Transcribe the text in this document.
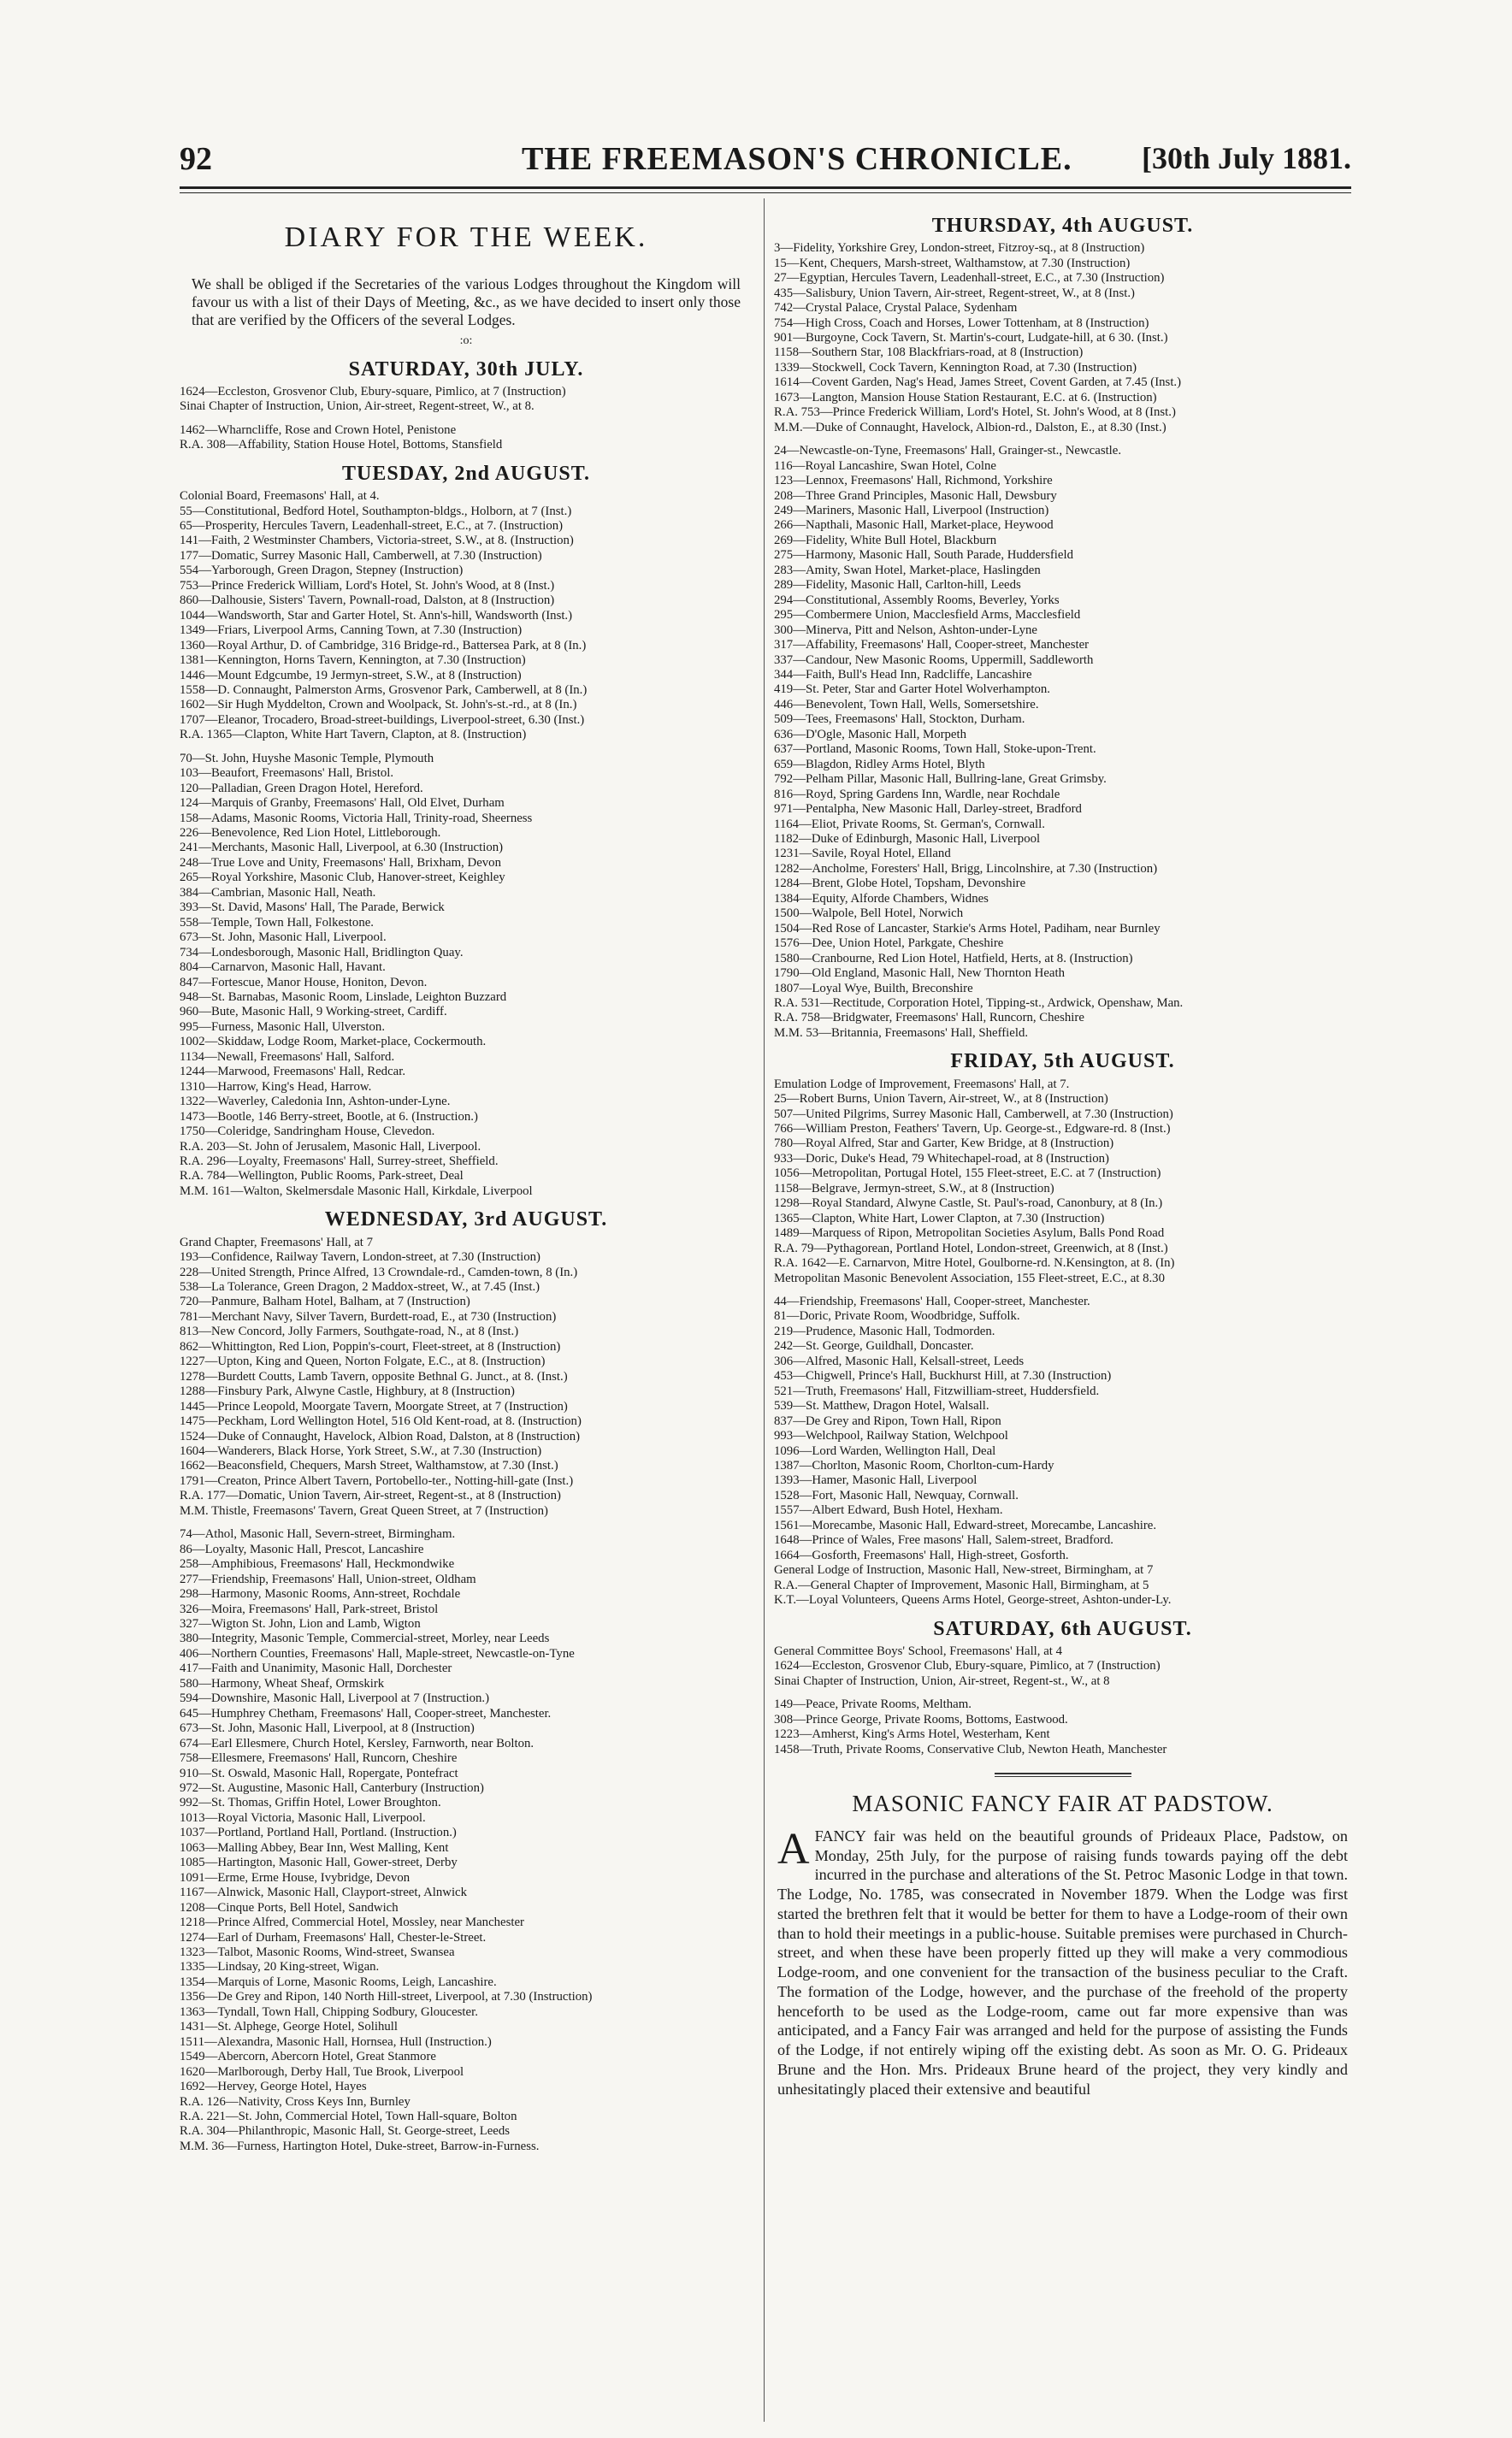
92	THE FREEMASON'S CHRONICLE. [30th July 1881.
DIARY FOR THE WEEK.

We shall be obliged if the Secretaries of the various Lodges throughout the Kingdom will favour us with a list of their Days of Meeting, &c., as we have decided to insert only those that are verified by the Officers of the several Lodges.

:o:
SATURDAY, 30th JULY.
1624—Eccleston, Grosvenor Club, Ebury-square, Pimlico, at 7 (Instruction)
Sinai Chapter of Instruction, Union, Air-street, Regent-street, W., at 8.
1462—Wharncliffe, Rose and Crown Hotel, Penistone
R.A. 308—Affability, Station House Hotel, Bottoms, Stansfield
TUESDAY, 2nd AUGUST.
Colonial Board, Freemasons' Hall, at 4.
55—Constitutional, Bedford Hotel, Southampton-bldgs., Holborn, at 7 (Inst.)
65—Prosperity, Hercules Tavern, Leadenhall-street, E.C., at 7. (Instruction)
141—Faith, 2 Westminster Chambers, Victoria-street, S.W., at 8. (Instruction)
177—Domatic, Surrey Masonic Hall, Camberwell, at 7.30 (Instruction)
554—Yarborough, Green Dragon, Stepney (Instruction)
753—Prince Frederick William, Lord's Hotel, St. John's Wood, at 8 (Inst.)
860—Dalhousie, Sisters' Tavern, Pownall-road, Dalston, at 8 (Instruction)
1044—Wandsworth, Star and Garter Hotel, St. Ann's-hill, Wandsworth (Inst.)
1349—Friars, Liverpool Arms, Canning Town, at 7.30 (Instruction)
1360—Royal Arthur, D. of Cambridge, 316 Bridge-rd., Battersea Park, at 8 (In.)
1381—Kennington, Horns Tavern, Kennington, at 7.30 (Instruction)
1446—Mount Edgcumbe, 19 Jermyn-street, S.W., at 8 (Instruction)
1558—D. Connaught, Palmerston Arms, Grosvenor Park, Camberwell, at 8 (In.)
1602—Sir Hugh Myddelton, Crown and Woolpack, St. John's-st.-rd., at 8 (In.)
1707—Eleanor, Trocadero, Broad-street-buildings, Liverpool-street, 6.30 (Inst.)
R.A. 1365—Clapton, White Hart Tavern, Clapton, at 8. (Instruction)
70—St. John, Huyshe Masonic Temple, Plymouth
103—Beaufort, Freemasons' Hall, Bristol.
120—Palladian, Green Dragon Hotel, Hereford.
124—Marquis of Granby, Freemasons' Hall, Old Elvet, Durham
158—Adams, Masonic Rooms, Victoria Hall, Trinity-road, Sheerness
226—Benevolence, Red Lion Hotel, Littleborough.
241—Merchants, Masonic Hall, Liverpool, at 6.30 (Instruction)
248—True Love and Unity, Freemasons' Hall, Brixham, Devon
265—Royal Yorkshire, Masonic Club, Hanover-street, Keighley
384—Cambrian, Masonic Hall, Neath.
393—St. David, Masons' Hall, The Parade, Berwick
558—Temple, Town Hall, Folkestone.
673—St. John, Masonic Hall, Liverpool.
734—Londesborough, Masonic Hall, Bridlington Quay.
804—Carnarvon, Masonic Hall, Havant.
847—Fortescue, Manor House, Honiton, Devon.
948—St. Barnabas, Masonic Room, Linslade, Leighton Buzzard
960—Bute, Masonic Hall, 9 Working-street, Cardiff.
995—Furness, Masonic Hall, Ulverston.
1002—Skiddaw, Lodge Room, Market-place, Cockermouth.
1134—Newall, Freemasons' Hall, Salford.
1244—Marwood, Freemasons' Hall, Redcar.
1310—Harrow, King's Head, Harrow.
1322—Waverley, Caledonia Inn, Ashton-under-Lyne.
1473—Bootle, 146 Berry-street, Bootle, at 6. (Instruction.)
1750—Coleridge, Sandringham House, Clevedon.
R.A. 203—St. John of Jerusalem, Masonic Hall, Liverpool.
R.A. 296—Loyalty, Freemasons' Hall, Surrey-street, Sheffield.
R.A. 784—Wellington, Public Rooms, Park-street, Deal
M.M. 161—Walton, Skelmersdale Masonic Hall, Kirkdale, Liverpool
WEDNESDAY, 3rd AUGUST.
Grand Chapter, Freemasons' Hall, at 7
193—Confidence, Railway Tavern, London-street, at 7.30 (Instruction)
228—United Strength, Prince Alfred, 13 Crowndale-rd., Camden-town, 8 (In.)
538—La Tolerance, Green Dragon, 2 Maddox-street, W., at 7.45 (Inst.)
720—Panmure, Balham Hotel, Balham, at 7 (Instruction)
781—Merchant Navy, Silver Tavern, Burdett-road, E., at 730 (Instruction)
813—New Concord, Jolly Farmers, Southgate-road, N., at 8 (Inst.)
862—Whittington, Red Lion, Poppin's-court, Fleet-street, at 8 (Instruction)
1227—Upton, King and Queen, Norton Folgate, E.C., at 8. (Instruction)
1278—Burdett Coutts, Lamb Tavern, opposite Bethnal G. Junct., at 8. (Inst.)
1288—Finsbury Park, Alwyne Castle, Highbury, at 8 (Instruction)
1445—Prince Leopold, Moorgate Tavern, Moorgate Street, at 7 (Instruction)
1475—Peckham, Lord Wellington Hotel, 516 Old Kent-road, at 8. (Instruction)
1524—Duke of Connaught, Havelock, Albion Road, Dalston, at 8 (Instruction)
1604—Wanderers, Black Horse, York Street, S.W., at 7.30 (Instruction)
1662—Beaconsfield, Chequers, Marsh Street, Walthamstow, at 7.30 (Inst.)
1791—Creaton, Prince Albert Tavern, Portobello-ter., Notting-hill-gate (Inst.)
R.A. 177—Domatic, Union Tavern, Air-street, Regent-st., at 8 (Instruction)
M.M. Thistle, Freemasons' Tavern, Great Queen Street, at 7 (Instruction)
74—Athol, Masonic Hall, Severn-street, Birmingham.
86—Loyalty, Masonic Hall, Prescot, Lancashire
258—Amphibious, Freemasons' Hall, Heckmondwike
277—Friendship, Freemasons' Hall, Union-street, Oldham
298—Harmony, Masonic Rooms, Ann-street, Rochdale
326—Moira, Freemasons' Hall, Park-street, Bristol
327—Wigton St. John, Lion and Lamb, Wigton
380—Integrity, Masonic Temple, Commercial-street, Morley, near Leeds
406—Northern Counties, Freemasons' Hall, Maple-street, Newcastle-on-Tyne
417—Faith and Unanimity, Masonic Hall, Dorchester
580—Harmony, Wheat Sheaf, Ormskirk
594—Downshire, Masonic Hall, Liverpool at 7 (Instruction.)
645—Humphrey Chetham, Freemasons' Hall, Cooper-street, Manchester.
673—St. John, Masonic Hall, Liverpool, at 8 (Instruction)
674—Earl Ellesmere, Church Hotel, Kersley, Farnworth, near Bolton.
758—Ellesmere, Freemasons' Hall, Runcorn, Cheshire
910—St. Oswald, Masonic Hall, Ropergate, Pontefract
972—St. Augustine, Masonic Hall, Canterbury (Instruction)
992—St. Thomas, Griffin Hotel, Lower Broughton.
1013—Royal Victoria, Masonic Hall, Liverpool.
1037—Portland, Portland Hall, Portland. (Instruction.)
1063—Malling Abbey, Bear Inn, West Malling, Kent
1085—Hartington, Masonic Hall, Gower-street, Derby
1091—Erme, Erme House, Ivybridge, Devon
1167—Alnwick, Masonic Hall, Clayport-street, Alnwick
1208—Cinque Ports, Bell Hotel, Sandwich
1218—Prince Alfred, Commercial Hotel, Mossley, near Manchester
1274—Earl of Durham, Freemasons' Hall, Chester-le-Street.
1323—Talbot, Masonic Rooms, Wind-street, Swansea
1335—Lindsay, 20 King-street, Wigan.
1354—Marquis of Lorne, Masonic Rooms, Leigh, Lancashire.
1356—De Grey and Ripon, 140 North Hill-street, Liverpool, at 7.30 (Instruction)
1363—Tyndall, Town Hall, Chipping Sodbury, Gloucester.
1431—St. Alphege, George Hotel, Solihull
1511—Alexandra, Masonic Hall, Hornsea, Hull (Instruction.)
1549—Abercorn, Abercorn Hotel, Great Stanmore
1620—Marlborough, Derby Hall, Tue Brook, Liverpool
1692—Hervey, George Hotel, Hayes
R.A. 126—Nativity, Cross Keys Inn, Burnley
R.A. 221—St. John, Commercial Hotel, Town Hall-square, Bolton
R.A. 304—Philanthropic, Masonic Hall, St. George-street, Leeds
M.M. 36—Furness, Hartington Hotel, Duke-street, Barrow-in-Furness.
THURSDAY, 4th AUGUST.
3—Fidelity, Yorkshire Grey, London-street, Fitzroy-sq., at 8 (Instruction)
15—Kent, Chequers, Marsh-street, Walthamstow, at 7.30 (Instruction)
27—Egyptian, Hercules Tavern, Leadenhall-street, E.C., at 7.30 (Instruction)
435—Salisbury, Union Tavern, Air-street, Regent-street, W., at 8 (Inst.)
742—Crystal Palace, Crystal Palace, Sydenham
754—High Cross, Coach and Horses, Lower Tottenham, at 8 (Instruction)
901—Burgoyne, Cock Tavern, St. Martin's-court, Ludgate-hill, at 6 30. (Inst.)
1158—Southern Star, 108 Blackfriars-road, at 8 (Instruction)
1339—Stockwell, Cock Tavern, Kennington Road, at 7.30 (Instruction)
1614—Covent Garden, Nag's Head, James Street, Covent Garden, at 7.45 (Inst.)
1673—Langton, Mansion House Station Restaurant, E.C. at 6. (Instruction)
R.A. 753—Prince Frederick William, Lord's Hotel, St. John's Wood, at 8 (Inst.)
M.M.—Duke of Connaught, Havelock, Albion-rd., Dalston, E., at 8.30 (Inst.)
24—Newcastle-on-Tyne, Freemasons' Hall, Grainger-st., Newcastle.
116—Royal Lancashire, Swan Hotel, Colne
123—Lennox, Freemasons' Hall, Richmond, Yorkshire
208—Three Grand Principles, Masonic Hall, Dewsbury
249—Mariners, Masonic Hall, Liverpool (Instruction)
266—Napthali, Masonic Hall, Market-place, Heywood
269—Fidelity, White Bull Hotel, Blackburn
275—Harmony, Masonic Hall, South Parade, Huddersfield
283—Amity, Swan Hotel, Market-place, Haslingden
289—Fidelity, Masonic Hall, Carlton-hill, Leeds
294—Constitutional, Assembly Rooms, Beverley, Yorks
295—Combermere Union, Macclesfield Arms, Macclesfield
300—Minerva, Pitt and Nelson, Ashton-under-Lyne
317—Affability, Freemasons' Hall, Cooper-street, Manchester
337—Candour, New Masonic Rooms, Uppermill, Saddleworth
344—Faith, Bull's Head Inn, Radcliffe, Lancashire
419—St. Peter, Star and Garter Hotel Wolverhampton.
446—Benevolent, Town Hall, Wells, Somersetshire.
509—Tees, Freemasons' Hall, Stockton, Durham.
636—D'Ogle, Masonic Hall, Morpeth
637—Portland, Masonic Rooms, Town Hall, Stoke-upon-Trent.
659—Blagdon, Ridley Arms Hotel, Blyth
792—Pelham Pillar, Masonic Hall, Bullring-lane, Great Grimsby.
816—Royd, Spring Gardens Inn, Wardle, near Rochdale
971—Pentalpha, New Masonic Hall, Darley-street, Bradford
1164—Eliot, Private Rooms, St. German's, Cornwall.
1182—Duke of Edinburgh, Masonic Hall, Liverpool
1231—Savile, Royal Hotel, Elland
1282—Ancholme, Foresters' Hall, Brigg, Lincolnshire, at 7.30 (Instruction)
1284—Brent, Globe Hotel, Topsham, Devonshire
1384—Equity, Alforde Chambers, Widnes
1500—Walpole, Bell Hotel, Norwich
1504—Red Rose of Lancaster, Starkie's Arms Hotel, Padiham, near Burnley
1576—Dee, Union Hotel, Parkgate, Cheshire
1580—Cranbourne, Red Lion Hotel, Hatfield, Herts, at 8. (Instruction)
1790—Old England, Masonic Hall, New Thornton Heath
1807—Loyal Wye, Builth, Breconshire
R.A. 531—Rectitude, Corporation Hotel, Tipping-st., Ardwick, Openshaw, Man.
R.A. 758—Bridgwater, Freemasons' Hall, Runcorn, Cheshire
M.M. 53—Britannia, Freemasons' Hall, Sheffield.
FRIDAY, 5th AUGUST.
Emulation Lodge of Improvement, Freemasons' Hall, at 7.
25—Robert Burns, Union Tavern, Air-street, W., at 8 (Instruction)
507—United Pilgrims, Surrey Masonic Hall, Camberwell, at 7.30 (Instruction)
766—William Preston, Feathers' Tavern, Up. George-st., Edgware-rd. 8 (Inst.)
780—Royal Alfred, Star and Garter, Kew Bridge, at 8 (Instruction)
933—Doric, Duke's Head, 79 Whitechapel-road, at 8 (Instruction)
1056—Metropolitan, Portugal Hotel, 155 Fleet-street, E.C. at 7 (Instruction)
1158—Belgrave, Jermyn-street, S.W., at 8 (Instruction)
1298—Royal Standard, Alwyne Castle, St. Paul's-road, Canonbury, at 8 (In.)
1365—Clapton, White Hart, Lower Clapton, at 7.30 (Instruction)
1489—Marquess of Ripon, Metropolitan Societies Asylum, Balls Pond Road
R.A. 79—Pythagorean, Portland Hotel, London-street, Greenwich, at 8 (Inst.)
R.A. 1642—E. Carnarvon, Mitre Hotel, Goulborne-rd. N.Kensington, at 8. (In)
Metropolitan Masonic Benevolent Association, 155 Fleet-street, E.C., at 8.30
44—Friendship, Freemasons' Hall, Cooper-street, Manchester.
81—Doric, Private Room, Woodbridge, Suffolk.
219—Prudence, Masonic Hall, Todmorden.
242—St. George, Guildhall, Doncaster.
306—Alfred, Masonic Hall, Kelsall-street, Leeds
453—Chigwell, Prince's Hall, Buckhurst Hill, at 7.30 (Instruction)
521—Truth, Freemasons' Hall, Fitzwilliam-street, Huddersfield.
539—St. Matthew, Dragon Hotel, Walsall.
837—De Grey and Ripon, Town Hall, Ripon
993—Welchpool, Railway Station, Welchpool
1096—Lord Warden, Wellington Hall, Deal
1387—Chorlton, Masonic Room, Chorlton-cum-Hardy
1393—Hamer, Masonic Hall, Liverpool
1528—Fort, Masonic Hall, Newquay, Cornwall.
1557—Albert Edward, Bush Hotel, Hexham.
1561—Morecambe, Masonic Hall, Edward-street, Morecambe, Lancashire.
1648—Prince of Wales, Free masons' Hall, Salem-street, Bradford.
1664—Gosforth, Freemasons' Hall, High-street, Gosforth.
General Lodge of Instruction, Masonic Hall, New-street, Birmingham, at 7
R.A.—General Chapter of Improvement, Masonic Hall, Birmingham, at 5
K.T.—Loyal Volunteers, Queens Arms Hotel, George-street, Ashton-under-Ly.
SATURDAY, 6th AUGUST.
General Committee Boys' School, Freemasons' Hall, at 4
1624—Eccleston, Grosvenor Club, Ebury-square, Pimlico, at 7 (Instruction)
Sinai Chapter of Instruction, Union, Air-street, Regent-st., W., at 8
149—Peace, Private Rooms, Meltham.
308—Prince George, Private Rooms, Bottoms, Eastwood.
1223—Amherst, King's Arms Hotel, Westerham, Kent
1458—Truth, Private Rooms, Conservative Club, Newton Heath, Manchester
MASONIC FANCY FAIR AT PADSTOW.

AFANCY fair was held on the beautiful grounds of Prideaux Place, Padstow, on Monday, 25th July, for the purpose of raising funds towards paying off the debt incurred in the purchase and alterations of the St. Petroc Masonic Lodge in that town. The Lodge, No. 1785, was consecrated in November 1879. When the Lodge was first started the brethren felt that it would be better for them to have a Lodge-room of their own than to hold their meetings in a public-house. Suitable premises were purchased in Church-street, and when these have been properly fitted up they will make a very commodious Lodge-room, and one convenient for the transaction of the business peculiar to the Craft. The formation of the Lodge, however, and the purchase of the freehold of the property henceforth to be used as the Lodge-room, came out far more expensive than was anticipated, and a Fancy Fair was arranged and held for the purpose of assisting the Funds of the Lodge, if not entirely wiping off the existing debt. As soon as Mr. O. G. Prideaux Brune and the Hon. Mrs. Prideaux Brune heard of the project, they very kindly and unhesitatingly placed their extensive and beautiful
